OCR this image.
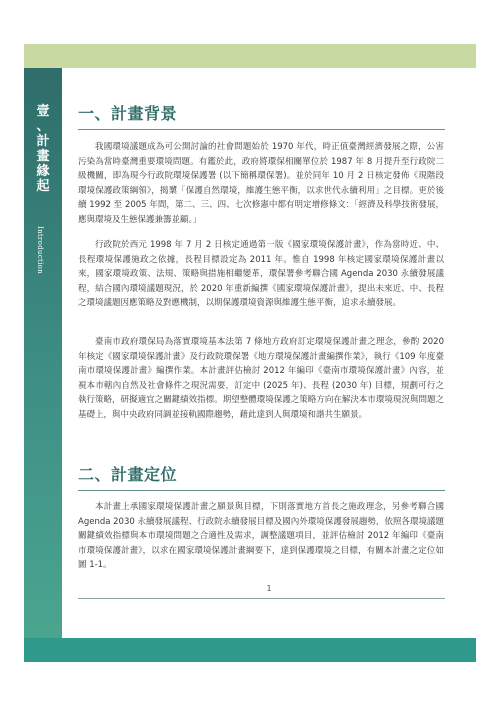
壹
、
計
畫
緣
起
Introduction
一、計畫背景

我國環境議題成為可公開討論的社會問題始於 1970 年代，時正值臺灣經濟發展之際，公害污染為當時臺灣重要環境問題。有鑑於此，政府將環保相關單位於 1987 年 8 月提升至行政院二級機關，即為現今行政院環境保護署 (以下簡稱環保署)。並於同年 10 月 2 日核定發佈《現階段環境保護政策綱領》，揭櫫「保護自然環境，維護生態平衡，以求世代永續利用」之目標。更於後續 1992 至 2005 年間，第二、三、四、七次修憲中都有明定增修條文：「經濟及科學技術發展，應與環境及生態保護兼籌並顧。」

行政院於西元 1998 年 7 月 2 日核定通過第一版《國家環境保護計畫》，作為當時近、中、長程環境保護施政之依據，長程目標設定為 2011 年。惟自 1998 年核定國家環境保護計畫以來，國家環境政策、法規、策略與措施相繼變革，環保署參考聯合國 Agenda 2030 永續發展議程，結合國內環境議題現況，於 2020 年重新編撰《國家環境保護計畫》，提出未來近、中、長程之環境議題因應策略及對應機制，以期保護環境資源與維護生態平衡，追求永續發展。

臺南市政府環保局為落實環境基本法第 7 條地方政府訂定環境保護計畫之理念，參酌 2020 年核定《國家環境保護計畫》及行政院環保署《地方環境保護計畫編撰作業》，執行《109 年度臺南市環境保護計畫》編撰作業。本計畫評估檢討 2012 年編印《臺南市環境保護計畫》內容，並視本市轄內自然及社會條件之現況需要，訂定中 (2025 年)、長程 (2030 年) 目標，規劃可行之執行策略，研擬適宜之關鍵績效指標。期望整體環境保護之策略方向在解決本市環境現況與問題之基礎上，與中央政府同調並接軌國際趨勢，藉此達到人與環境和諧共生願景。

二、計畫定位

本計畫上承國家環境保護計畫之願景與目標，下則落實地方首長之施政理念，另參考聯合國 Agenda 2030 永續發展議程、行政院永續發展目標及國內外環境保護發展趨勢，依照各環境議題關鍵績效指標與本市環境問題之合適性及需求，調整議題項目，並評估檢討 2012 年編印《臺南市環境保護計畫》，以求在國家環境保護計畫綱要下，達到保護環境之目標，有關本計畫之定位如圖 1-1。

1
